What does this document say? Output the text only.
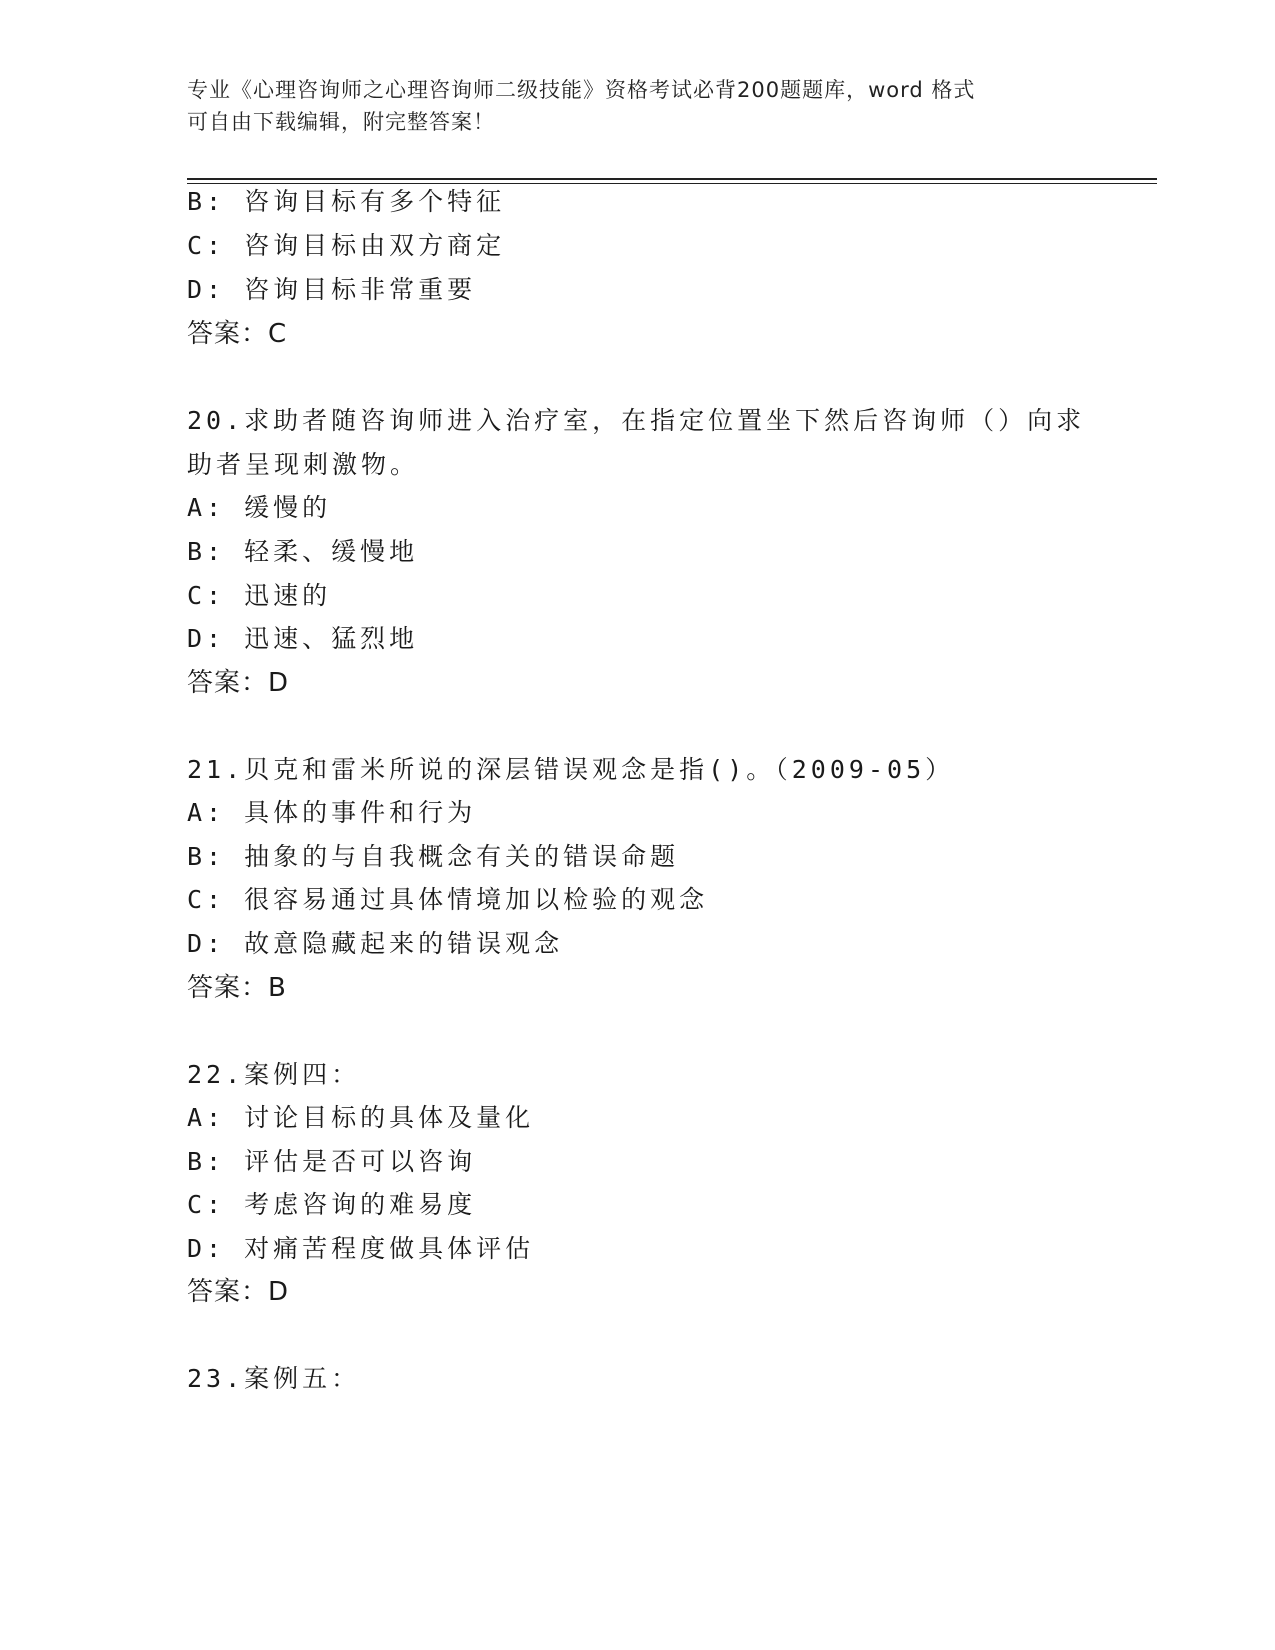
专业《心理咨询师之心理咨询师二级技能》资格考试必背200题题库，word 格式
可自由下载编辑，附完整答案！
B: 咨询目标有多个特征
C: 咨询目标由双方商定
D: 咨询目标非常重要
答案：C
20.求助者随咨询师进入治疗室，在指定位置坐下然后咨询师（）向求
助者呈现刺激物。
A: 缓慢的
B: 轻柔、缓慢地
C: 迅速的
D: 迅速、猛烈地
答案：D
21.贝克和雷米所说的深层错误观念是指()。（2009-05）
A: 具体的事件和行为
B: 抽象的与自我概念有关的错误命题
C: 很容易通过具体情境加以检验的观念
D: 故意隐藏起来的错误观念
答案：B
22.案例四：
A: 讨论目标的具体及量化
B: 评估是否可以咨询
C: 考虑咨询的难易度
D: 对痛苦程度做具体评估
答案：D
23.案例五：
